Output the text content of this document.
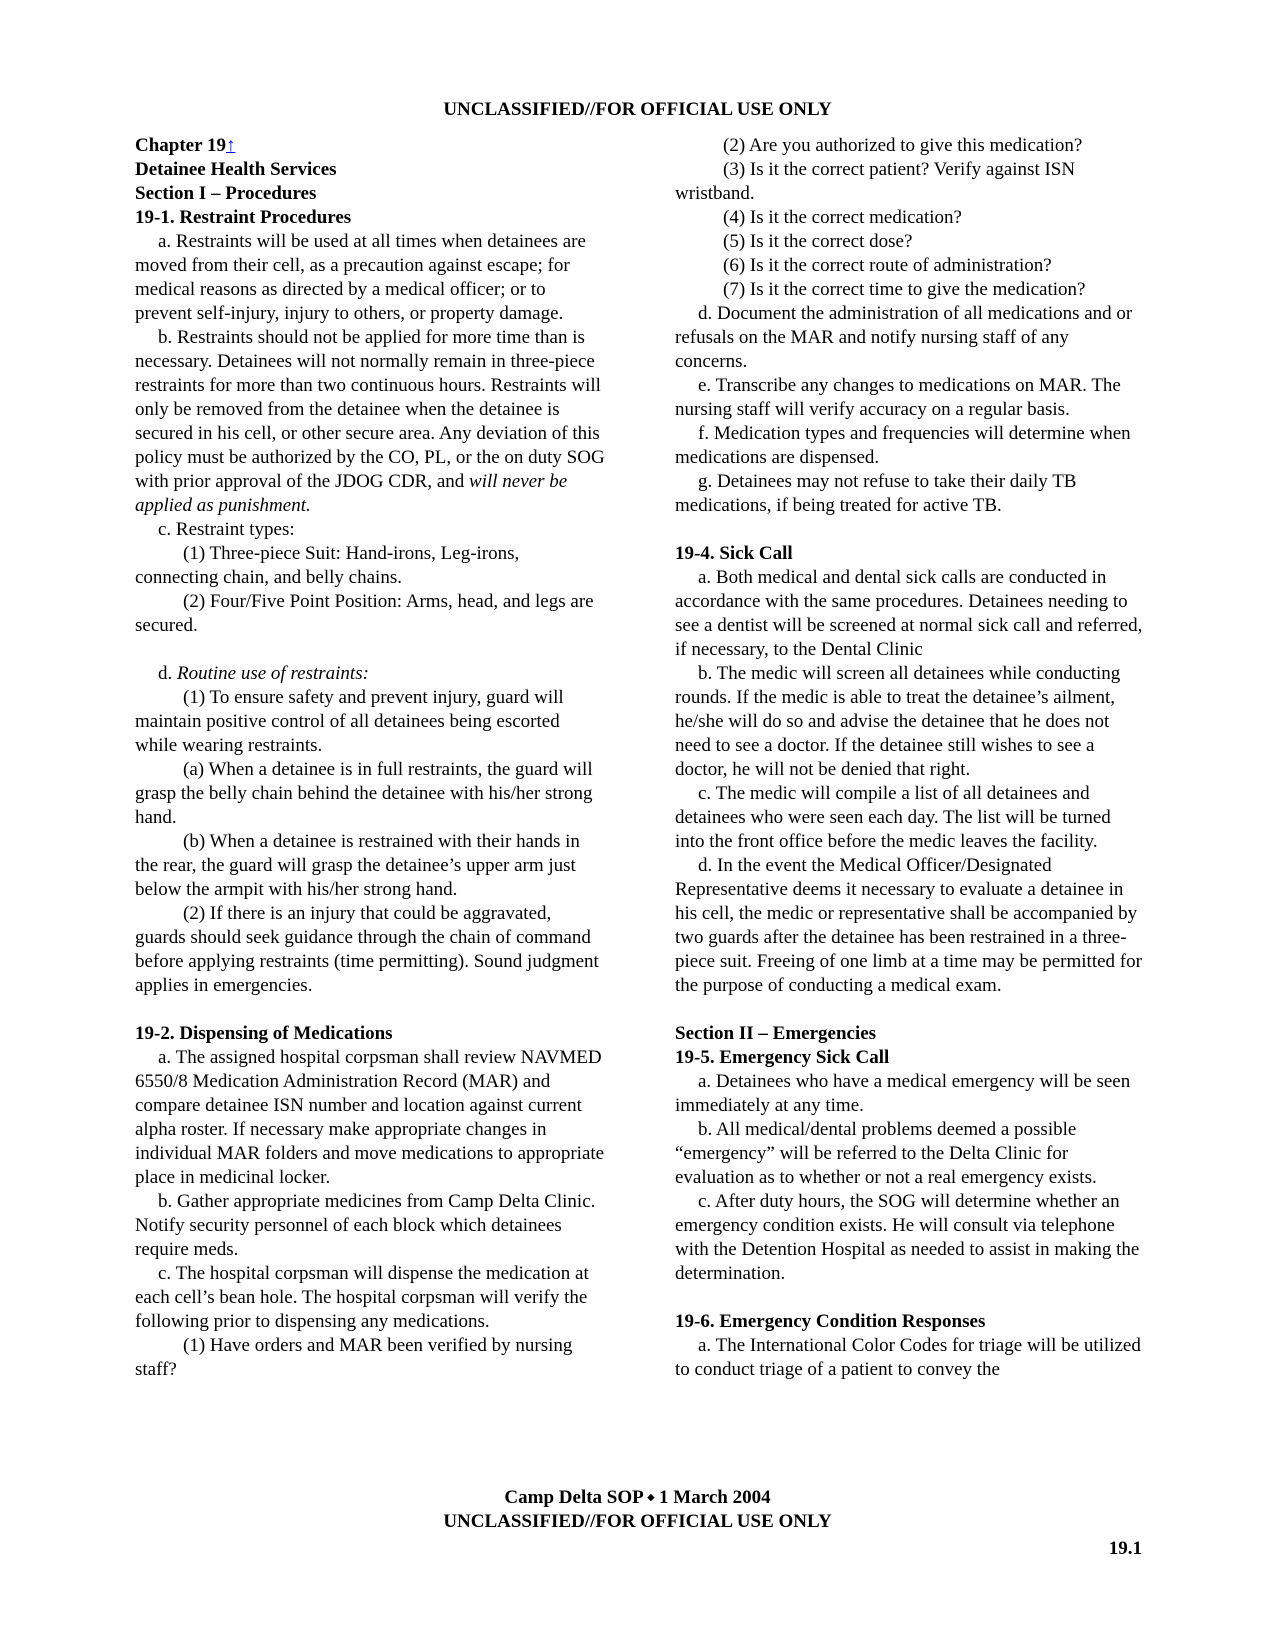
UNCLASSIFIED//FOR OFFICIAL USE ONLY

Chapter 19↑

Detainee Health Services

Section I – Procedures

19-1. Restraint Procedures

a. Restraints will be used at all times when detainees are moved from their cell, as a precaution against escape; for medical reasons as directed by a medical officer; or to prevent self-injury, injury to others, or property damage.

b. Restraints should not be applied for more time than is necessary. Detainees will not normally remain in three-piece restraints for more than two continuous hours. Restraints will only be removed from the detainee when the detainee is secured in his cell, or other secure area. Any deviation of this policy must be authorized by the CO, PL, or the on duty SOG with prior approval of the JDOG CDR, and will never be applied as punishment.

c. Restraint types:

(1) Three-piece Suit: Hand-irons, Leg-irons, connecting chain, and belly chains.

(2) Four/Five Point Position: Arms, head, and legs are secured.

d. Routine use of restraints:

(1) To ensure safety and prevent injury, guard will maintain positive control of all detainees being escorted while wearing restraints.

(a) When a detainee is in full restraints, the guard will grasp the belly chain behind the detainee with his/her strong hand.

(b) When a detainee is restrained with their hands in the rear, the guard will grasp the detainee’s upper arm just below the armpit with his/her strong hand.

(2) If there is an injury that could be aggravated, guards should seek guidance through the chain of command before applying restraints (time permitting). Sound judgment applies in emergencies.

19-2. Dispensing of Medications

a. The assigned hospital corpsman shall review NAVMED 6550/8 Medication Administration Record (MAR) and compare detainee ISN number and location against current alpha roster. If necessary make appropriate changes in individual MAR folders and move medications to appropriate place in medicinal locker.

b. Gather appropriate medicines from Camp Delta Clinic. Notify security personnel of each block which detainees require meds.

c. The hospital corpsman will dispense the medication at each cell’s bean hole. The hospital corpsman will verify the following prior to dispensing any medications.

(1) Have orders and MAR been verified by nursing staff?

(2) Are you authorized to give this medication?

(3) Is it the correct patient? Verify against ISN wristband.

(4) Is it the correct medication?

(5) Is it the correct dose?

(6) Is it the correct route of administration?

(7) Is it the correct time to give the medication?

d. Document the administration of all medications and or refusals on the MAR and notify nursing staff of any concerns.

e. Transcribe any changes to medications on MAR. The nursing staff will verify accuracy on a regular basis.

f. Medication types and frequencies will determine when medications are dispensed.

g. Detainees may not refuse to take their daily TB medications, if being treated for active TB.

19-4. Sick Call

a. Both medical and dental sick calls are conducted in accordance with the same procedures. Detainees needing to see a dentist will be screened at normal sick call and referred, if necessary, to the Dental Clinic

b. The medic will screen all detainees while conducting rounds. If the medic is able to treat the detainee’s ailment, he/she will do so and advise the detainee that he does not need to see a doctor. If the detainee still wishes to see a doctor, he will not be denied that right.

c. The medic will compile a list of all detainees and detainees who were seen each day. The list will be turned into the front office before the medic leaves the facility.

d. In the event the Medical Officer/Designated Representative deems it necessary to evaluate a detainee in his cell, the medic or representative shall be accompanied by two guards after the detainee has been restrained in a three-piece suit. Freeing of one limb at a time may be permitted for the purpose of conducting a medical exam.

Section II – Emergencies

19-5. Emergency Sick Call

a. Detainees who have a medical emergency will be seen immediately at any time.

b. All medical/dental problems deemed a possible “emergency” will be referred to the Delta Clinic for evaluation as to whether or not a real emergency exists.

c. After duty hours, the SOG will determine whether an emergency condition exists. He will consult via telephone with the Detention Hospital as needed to assist in making the determination.

19-6. Emergency Condition Responses

a. The International Color Codes for triage will be utilized to conduct triage of a patient to convey the

Camp Delta SOP ⬩ 1 March 2004
UNCLASSIFIED//FOR OFFICIAL USE ONLY
19.1
